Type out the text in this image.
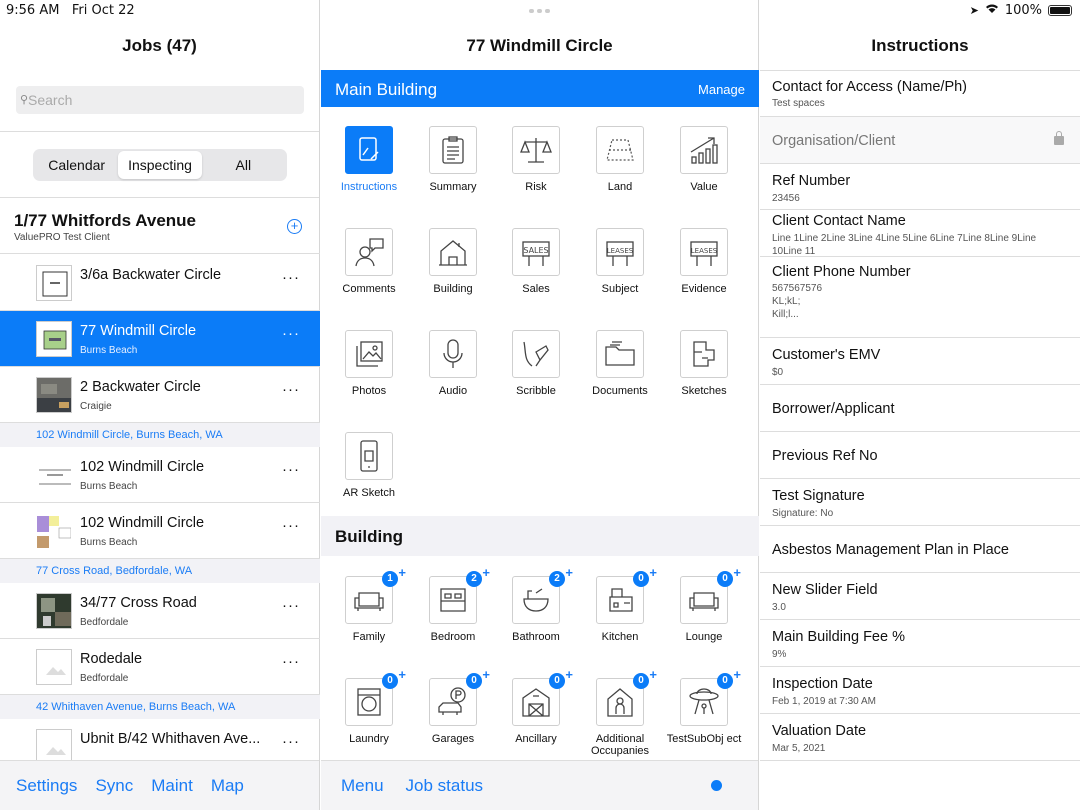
9:56 AM Fri Oct 22	➤ 100%
Jobs (47)
⚲ Search
Calendar	Inspecting	All
1/77 Whitfords Avenue
ValuePRO Test Client
+
3/6a Backwater Circle	···
77 Windmill Circle
Burns Beach
···
2 Backwater Circle
Craigie
···
102 Windmill Circle, Burns Beach, WA
102 Windmill Circle
Burns Beach
···
102 Windmill Circle
Burns Beach
···
77 Cross Road, Bedfordale, WA
34/77 Cross Road
Bedfordale
···
Rodedale
Bedfordale
···
42 Whithaven Avenue, Burns Beach, WA
Ubnit B/42 Whithaven Ave... ···
Settings Sync Maint Map
77 Windmill Circle
Main Building	Manage
Instructions	Summary	Risk	Land	Value
Comments	Building
SALES
Sales
LEASES
Subject
LEASES
Evidence
Photos	Audio	Scribble	Documents	Sketches
AR Sketch
Building
1 +
Family
2 +
Bedroom
2 +
Bathroom
0 +
Kitchen
0 +
Lounge
0 +
Laundry
0 +
Garages
0 +
Ancillary
0 +
Additional Occupanies
0 +
TestSubObj ect
Menu Job status
Instructions
Contact for Access (Name/Ph)
Test spaces
Organisation/Client
Ref Number
23456
Client Contact Name
Line 1Line 2Line 3Line 4Line 5Line 6Line 7Line 8Line 9Line 10Line 11
Client Phone Number
567567576
KL;kL;
Kill;l...
Customer's EMV
$0
Borrower/Applicant
Previous Ref No
Test Signature
Signature: No
Asbestos Management Plan in Place
New Slider Field
3.0
Main Building Fee %
9%
Inspection Date
Feb 1, 2019 at 7:30 AM
Valuation Date
Mar 5, 2021
